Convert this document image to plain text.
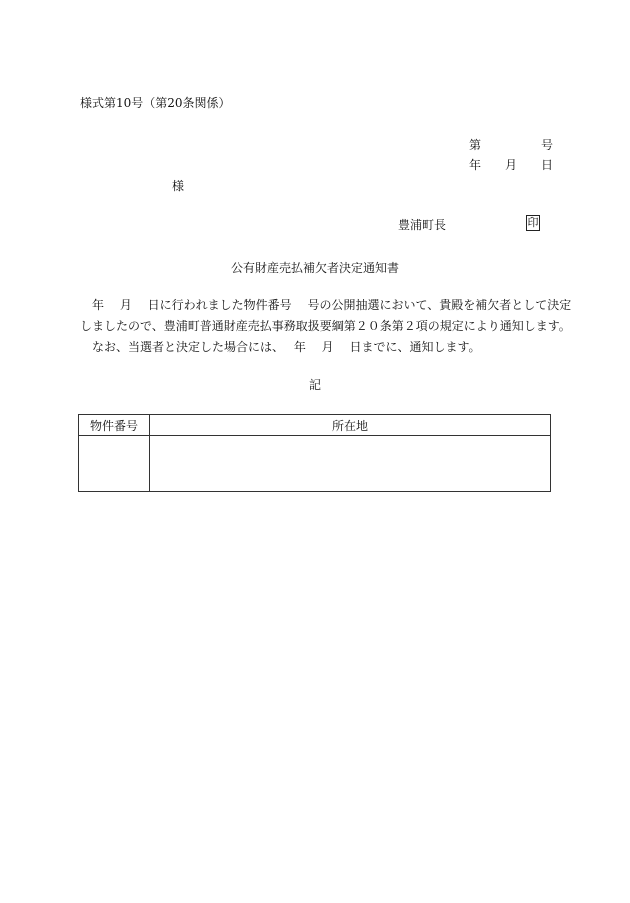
様式第10号（第20条関係）
第	号
年 月 日
様
豊浦町長	印
公有財産売払補欠者決定通知書

　年　 月　 日に行われました物件番号　 号の公開抽選において、貴殿を補欠者として決定

しましたので、豊浦町普通財産売払事務取扱要綱第２０条第２項の規定により通知します。

　なお、当選者と決定した場合には、　 年　 月　 日までに、通知します。

記
物件番号	所在地
